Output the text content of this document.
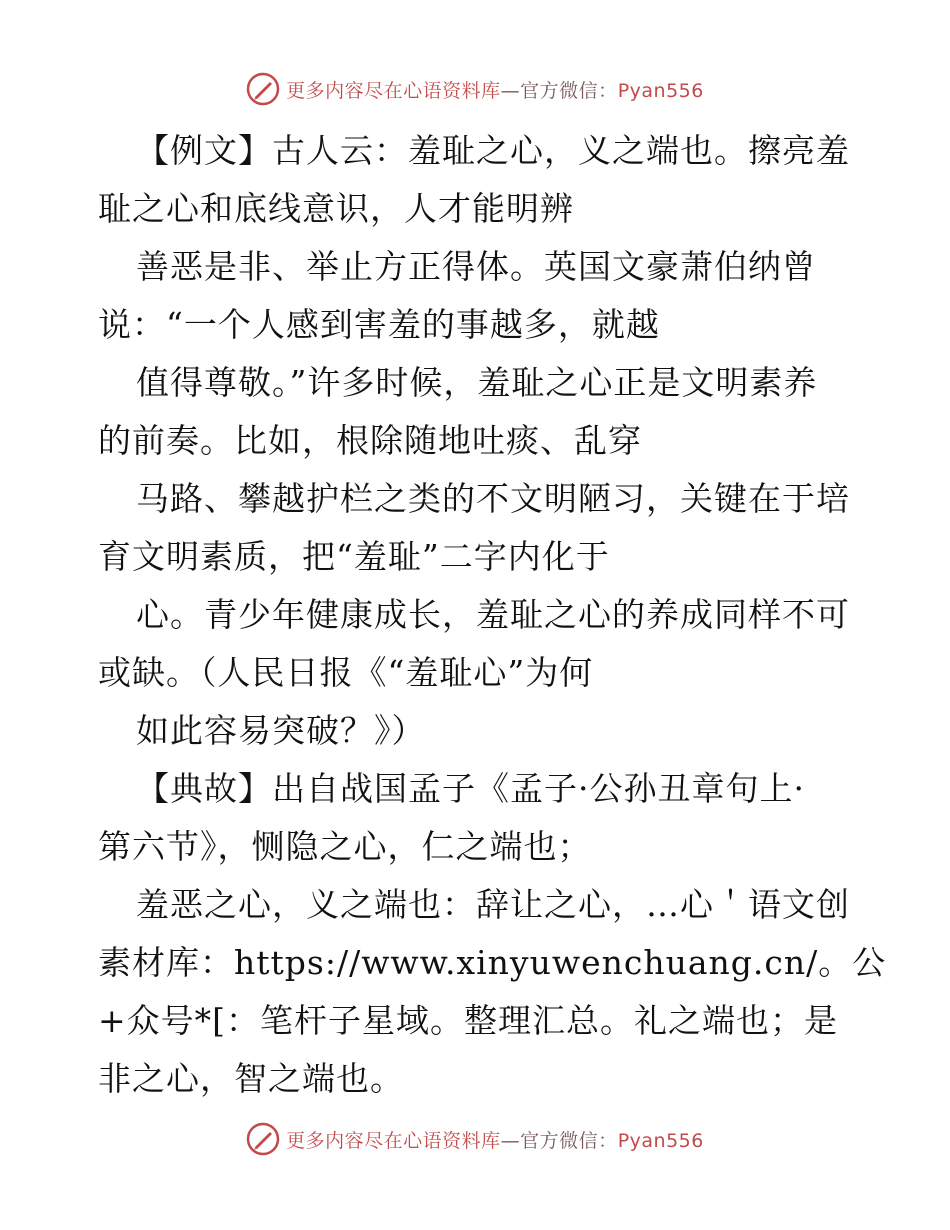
更多内容尽在心语资料库—官方微信：Pyan556
【例文】古人云：羞耻之心，义之端也。擦亮羞
耻之心和底线意识，人才能明辨
善恶是非、举止方正得体。英国文豪萧伯纳曾
说：“一个人感到害羞的事越多，就越
值得尊敬。”许多时候，羞耻之心正是文明素养
的前奏。比如，根除随地吐痰、乱穿
马路、攀越护栏之类的不文明陋习，关键在于培
育文明素质，把“羞耻”二字内化于
心。青少年健康成长，羞耻之心的养成同样不可
或缺。（人民日报《“羞耻心”为何
如此容易突破？》）
【典故】出自战国孟子《孟子·公孙丑章句上·
第六节》，恻隐之心，仁之端也；
羞恶之心，义之端也：辞让之心，…心＇语文创
素材库：https://www.xinyuwenchuang.cn/。公
+众号*[：笔杆子星域。整理汇总。礼之端也；是
非之心，智之端也。
更多内容尽在心语资料库—官方微信：Pyan556
